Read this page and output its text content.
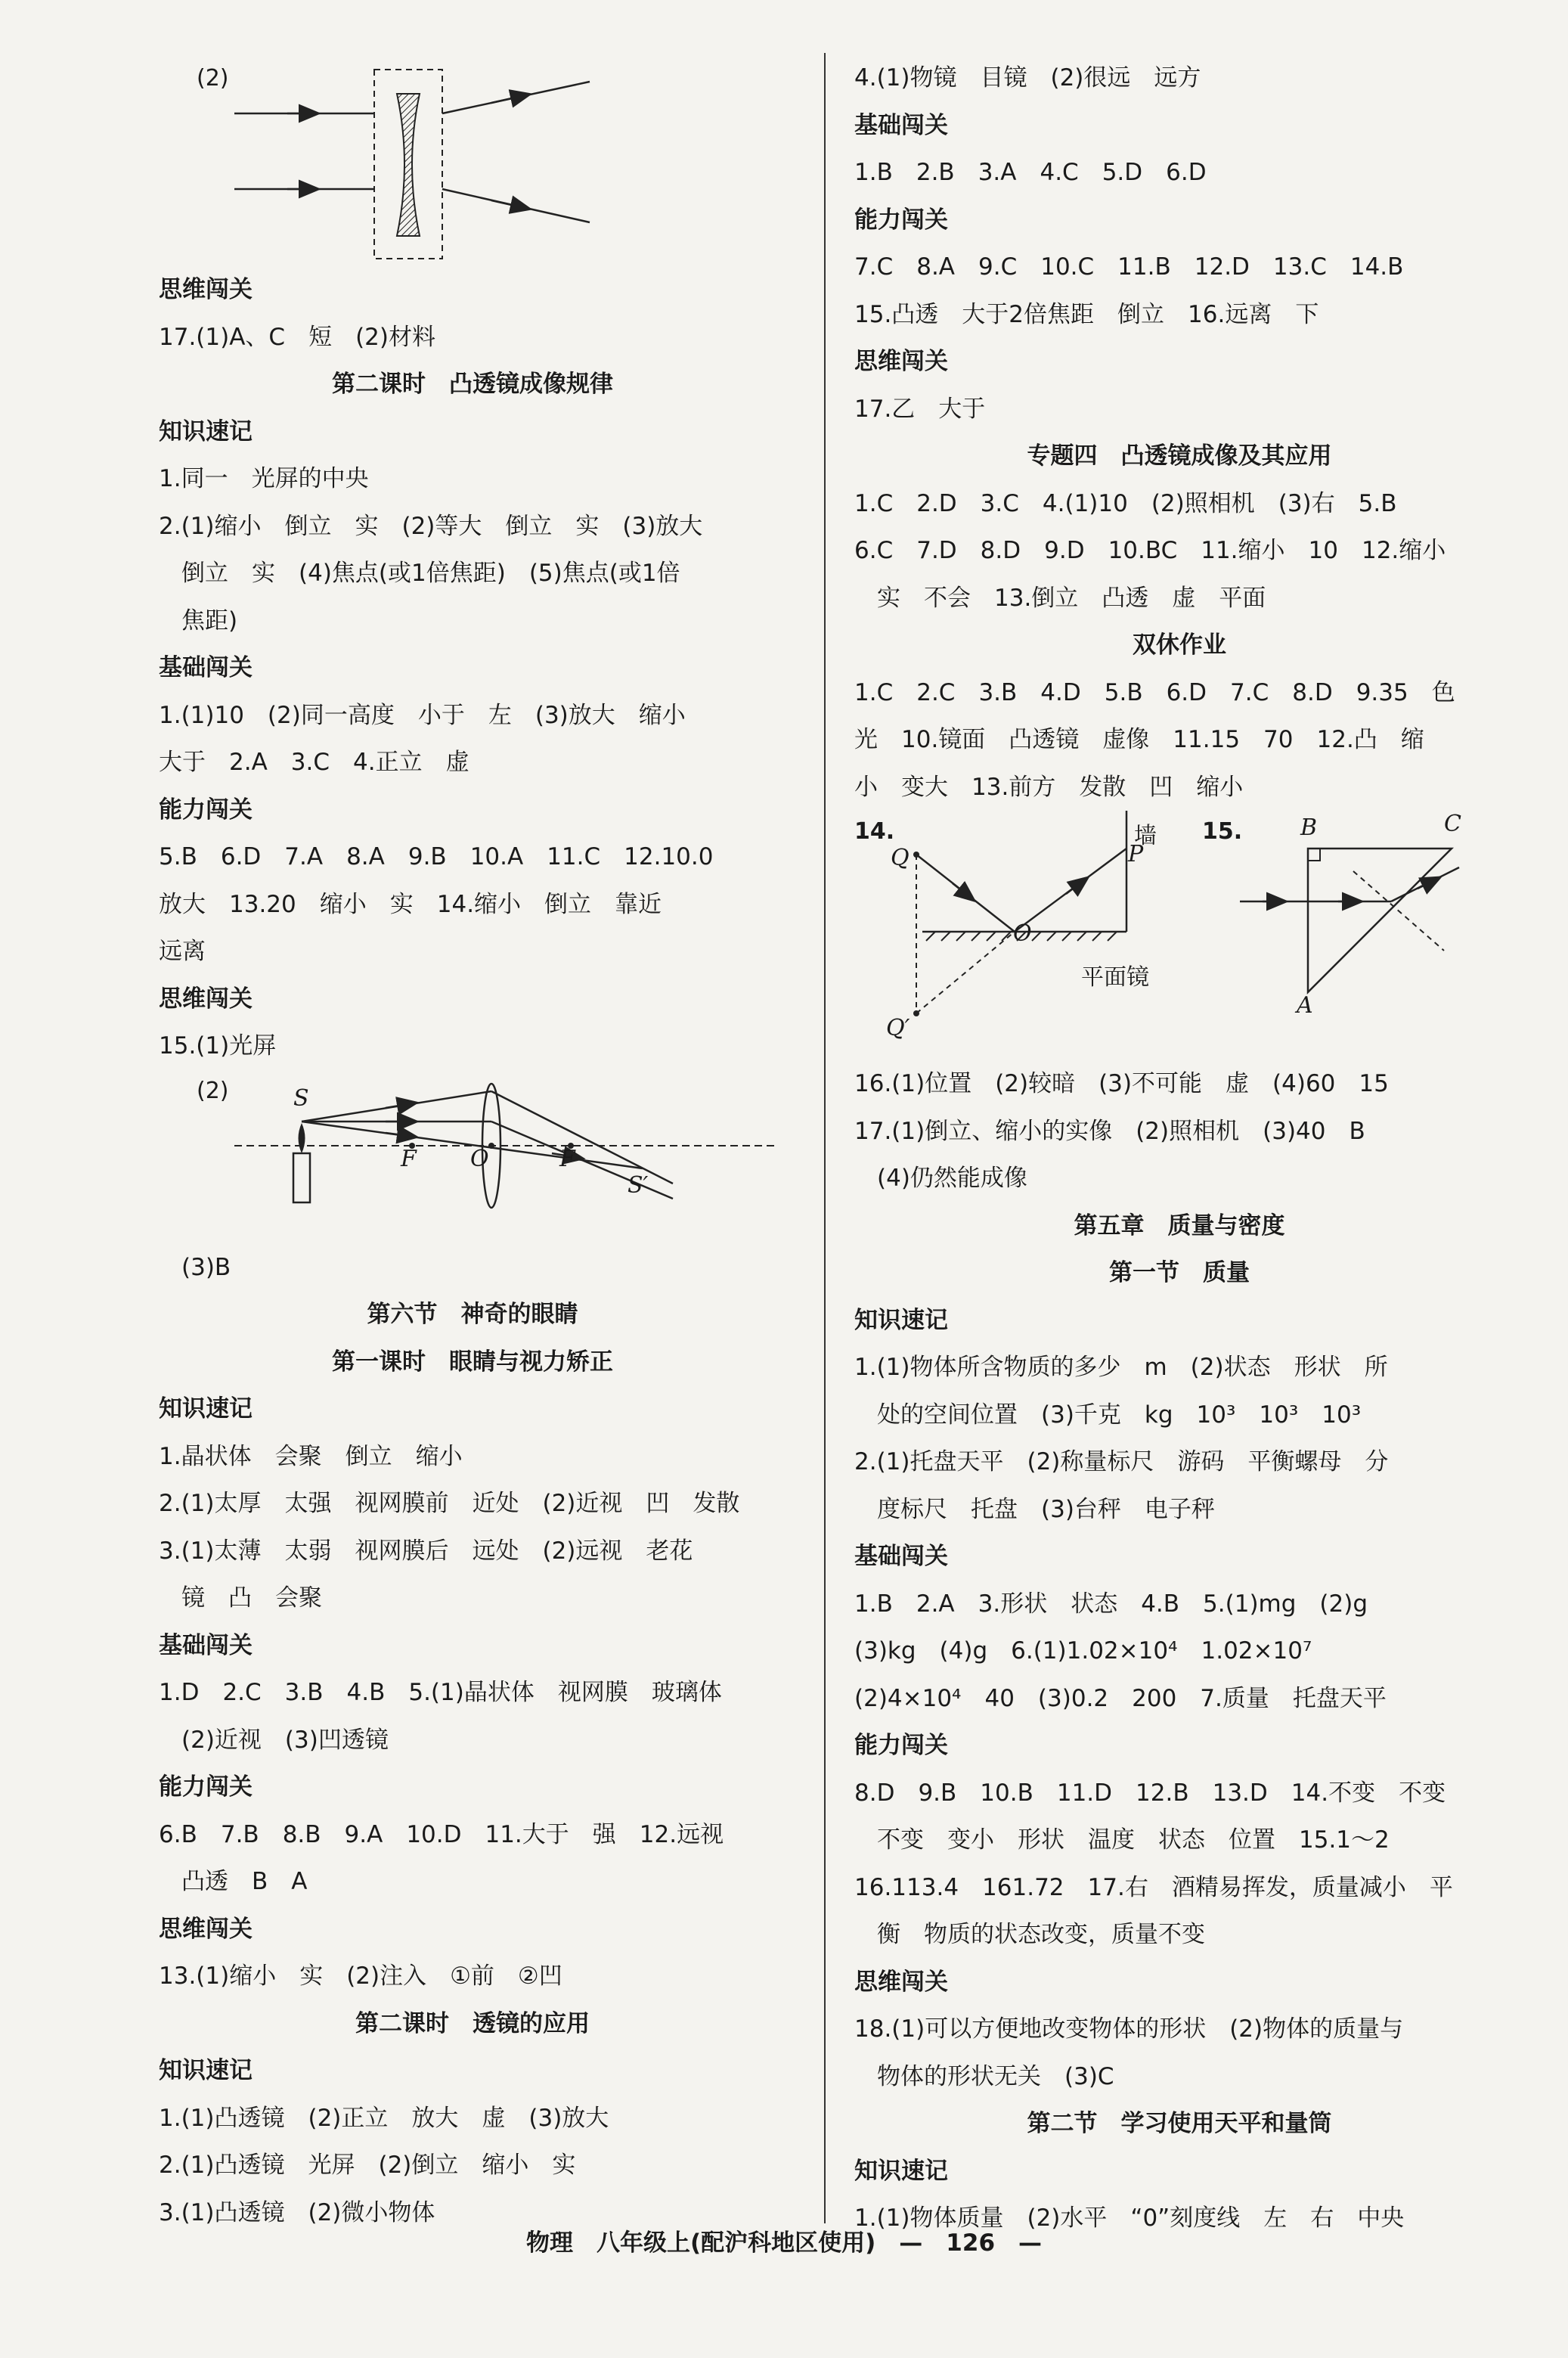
(2)
思维闯关
17.(1)A、C　短　(2)材料
第二课时　凸透镜成像规律
知识速记
1.同一　光屏的中央
2.(1)缩小　倒立　实　(2)等大　倒立　实　(3)放大
倒立　实　(4)焦点(或1倍焦距)　(5)焦点(或1倍
焦距)
基础闯关
1.(1)10　(2)同一高度　小于　左　(3)放大　缩小
大于　2.A　3.C　4.正立　虚
能力闯关
5.B　6.D　7.A　8.A　9.B　10.A　11.C　12.10.0
放大　13.20　缩小　实　14.缩小　倒立　靠近
远离
思维闯关
15.(1)光屏
(2)	S
F O	F
S′
(3)B
第六节　神奇的眼睛
第一课时　眼睛与视力矫正
知识速记
1.晶状体　会聚　倒立　缩小
2.(1)太厚　太强　视网膜前　近处　(2)近视　凹　发散
3.(1)太薄　太弱　视网膜后　远处　(2)远视　老花
镜　凸　会聚
基础闯关
1.D　2.C　3.B　4.B　5.(1)晶状体　视网膜　玻璃体
(2)近视　(3)凹透镜
能力闯关
6.B　7.B　8.B　9.A　10.D　11.大于　强　12.远视
凸透　B　A
思维闯关
13.(1)缩小　实　(2)注入　①前　②凹
第二课时　透镜的应用
知识速记
1.(1)凸透镜　(2)正立　放大　虚　(3)放大
2.(1)凸透镜　光屏　(2)倒立　缩小　实
3.(1)凸透镜　(2)微小物体
4.(1)物镜　目镜　(2)很远　远方
基础闯关
1.B　2.B　3.A　4.C　5.D　6.D
能力闯关
7.C　8.A　9.C　10.C　11.B　12.D　13.C　14.B
15.凸透　大于2倍焦距　倒立　16.远离　下
思维闯关
17.乙　大于
专题四　凸透镜成像及其应用
1.C　2.D　3.C　4.(1)10　(2)照相机　(3)右　5.B
6.C　7.D　8.D　9.D　10.BC　11.缩小　10　12.缩小
实　不会　13.倒立　凸透　虚　平面
双休作业
1.C　2.C　3.B　4.D　5.B　6.D　7.C　8.D　9.35　色
光　10.镜面　凸透镜　虚像　11.15　70　12.凸　缩
小　变大　13.前方　发散　凹　缩小
14.	墙
Q	P
O
Q′
平面镜
15.	B	C
A
16.(1)位置　(2)较暗　(3)不可能　虚　(4)60　15
17.(1)倒立、缩小的实像　(2)照相机　(3)40　B
(4)仍然能成像
第五章　质量与密度
第一节　质量
知识速记
1.(1)物体所含物质的多少　m　(2)状态　形状　所
处的空间位置　(3)千克　kg　10³　10³　10³
2.(1)托盘天平　(2)称量标尺　游码　平衡螺母　分
度标尺　托盘　(3)台秤　电子秤
基础闯关
1.B　2.A　3.形状　状态　4.B　5.(1)mg　(2)g
(3)kg　(4)g　6.(1)1.02×10⁴　1.02×10⁷
(2)4×10⁴　40　(3)0.2　200　7.质量　托盘天平
能力闯关
8.D　9.B　10.B　11.D　12.B　13.D　14.不变　不变
不变　变小　形状　温度　状态　位置　15.1～2
16.113.4　161.72　17.右　酒精易挥发，质量减小　平
衡　物质的状态改变，质量不变
思维闯关
18.(1)可以方便地改变物体的形状　(2)物体的质量与
物体的形状无关　(3)C
第二节　学习使用天平和量筒
知识速记
1.(1)物体质量　(2)水平　“0”刻度线　左　右　中央
物理　八年级上(配沪科地区使用)　—　126　—
